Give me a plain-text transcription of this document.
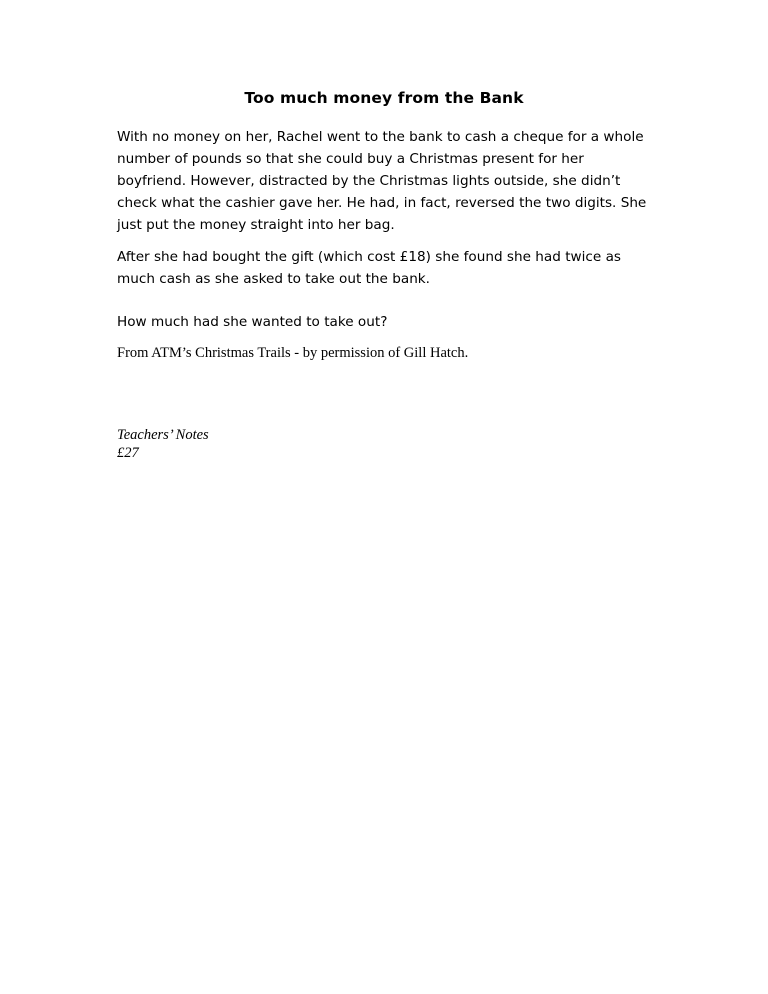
Too much money from the Bank

With no money on her, Rachel went to the bank to cash a cheque for a whole number of pounds so that she could buy a Christmas present for her boyfriend. However, distracted by the Christmas lights outside, she didn’t check what the cashier gave her. He had, in fact, reversed the two digits. She just put the money straight into her bag.

After she had bought the gift (which cost £18) she found she had twice as much cash as she asked to take out the bank.

How much had she wanted to take out?

From ATM’s Christmas Trails - by permission of Gill Hatch.

Teachers’ Notes
£27
